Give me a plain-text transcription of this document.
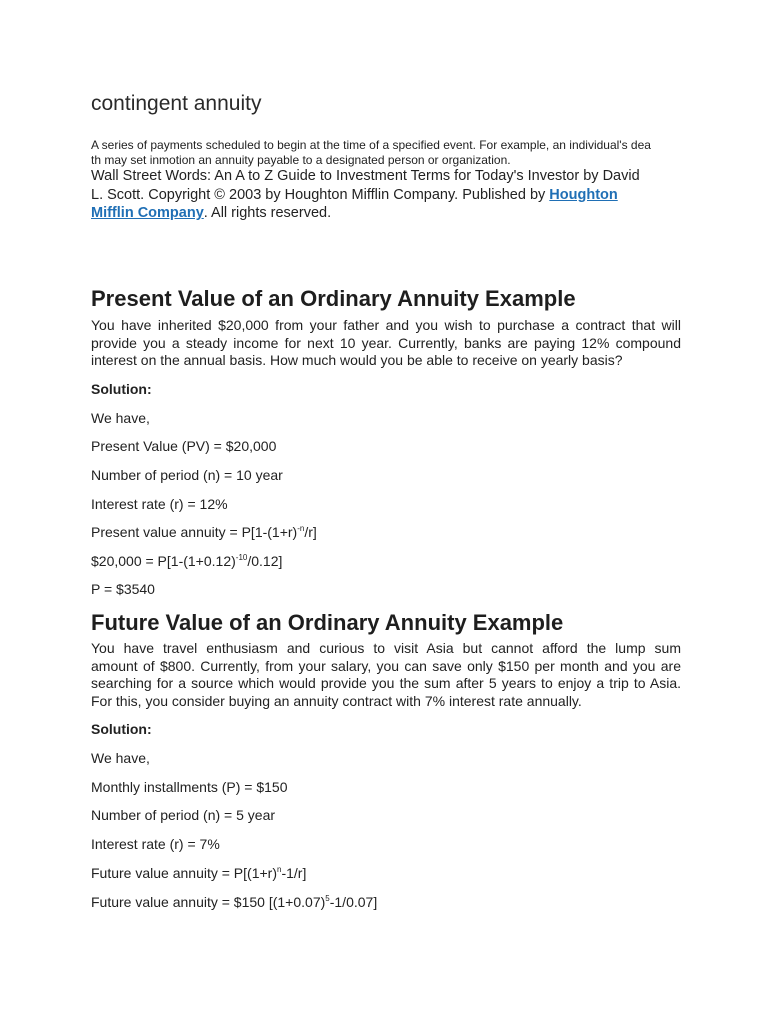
contingent annuity

A series of payments scheduled to begin at the time of a specified event. For example, an individual's dea
th may set inmotion an annuity payable to a designated person or organization.

Wall Street Words: An A to Z Guide to Investment Terms for Today's Investor by David
L. Scott. Copyright © 2003 by Houghton Mifflin Company. Published by Houghton
Mifflin Company. All rights reserved.

Present Value of an Ordinary Annuity Example

You have inherited $20,000 from your father and you wish to purchase a contract that will
provide you a steady income for next 10 year. Currently, banks are paying 12% compound
interest on the annual basis. How much would you be able to receive on yearly basis?

Solution:

We have,

Present Value (PV) = $20,000

Number of period (n) = 10 year

Interest rate (r) = 12%

Present value annuity = $P[1-(1+r)^{-n}/r]$

$20,000 = $P[1-(1+0.12)^{-10}/0.12]$

P = $3540

Future Value of an Ordinary Annuity Example

You have travel enthusiasm and curious to visit Asia but cannot afford the lump sum
amount of $800. Currently, from your salary, you can save only $150 per month and you are
searching for a source which would provide you the sum after 5 years to enjoy a trip to Asia.
For this, you consider buying an annuity contract with 7% interest rate annually.

Solution:

We have,

Monthly installments (P) = $150

Number of period (n) = 5 year

Interest rate (r) = 7%

Future value annuity = $P[(1+r)^n-1/r]$

Future value annuity = $150 $[(1+0.07)^5-1/0.07]$
